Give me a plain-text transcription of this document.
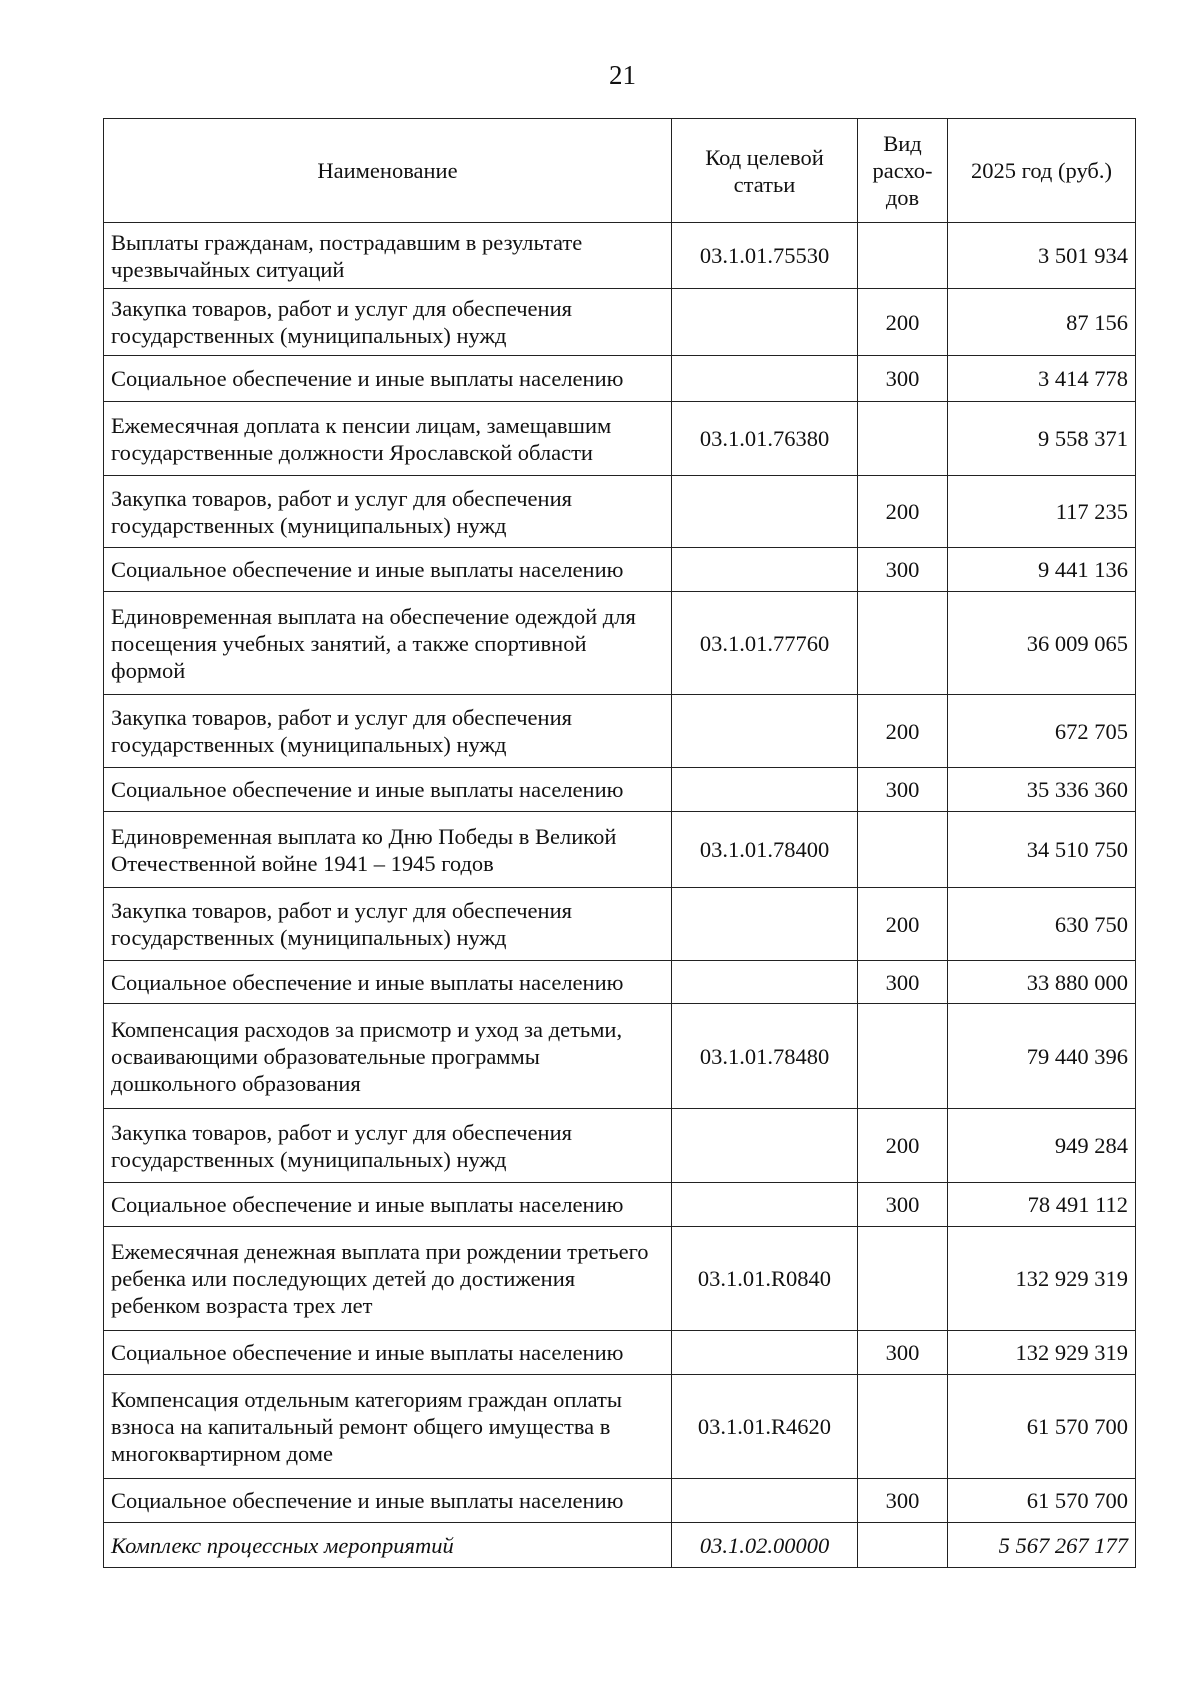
21
Наименование	Код целевой статьи	Вид расхо-дов	2025 год (руб.)
Выплаты гражданам, пострадавшим в результате чрезвычайных ситуаций	03.1.01.75530		3 501 934
Закупка товаров, работ и услуг для обеспечения государственных (муниципальных) нужд		200	87 156
Социальное обеспечение и иные выплаты населению		300	3 414 778
Ежемесячная доплата к пенсии лицам, замещавшим государственные должности Ярославской области	03.1.01.76380		9 558 371
Закупка товаров, работ и услуг для обеспечения государственных (муниципальных) нужд		200	117 235
Социальное обеспечение и иные выплаты населению		300	9 441 136
Единовременная выплата на обеспечение одеждой для посещения учебных занятий, а также спортивной формой	03.1.01.77760		36 009 065
Закупка товаров, работ и услуг для обеспечения государственных (муниципальных) нужд		200	672 705
Социальное обеспечение и иные выплаты населению		300	35 336 360
Единовременная выплата ко Дню Победы в Великой Отечественной войне 1941 – 1945 годов	03.1.01.78400		34 510 750
Закупка товаров, работ и услуг для обеспечения государственных (муниципальных) нужд		200	630 750
Социальное обеспечение и иные выплаты населению		300	33 880 000
Компенсация расходов за присмотр и уход за детьми, осваивающими образовательные программы дошкольного образования	03.1.01.78480		79 440 396
Закупка товаров, работ и услуг для обеспечения государственных (муниципальных) нужд		200	949 284
Социальное обеспечение и иные выплаты населению		300	78 491 112
Ежемесячная денежная выплата при рождении третьего ребенка или последующих детей до достижения ребенком возраста трех лет	03.1.01.R0840		132 929 319
Социальное обеспечение и иные выплаты населению		300	132 929 319
Компенсация отдельным категориям граждан оплаты взноса на капитальный ремонт общего имущества в многоквартирном доме	03.1.01.R4620		61 570 700
Социальное обеспечение и иные выплаты населению		300	61 570 700
Комплекс процессных мероприятий	03.1.02.00000		5 567 267 177
